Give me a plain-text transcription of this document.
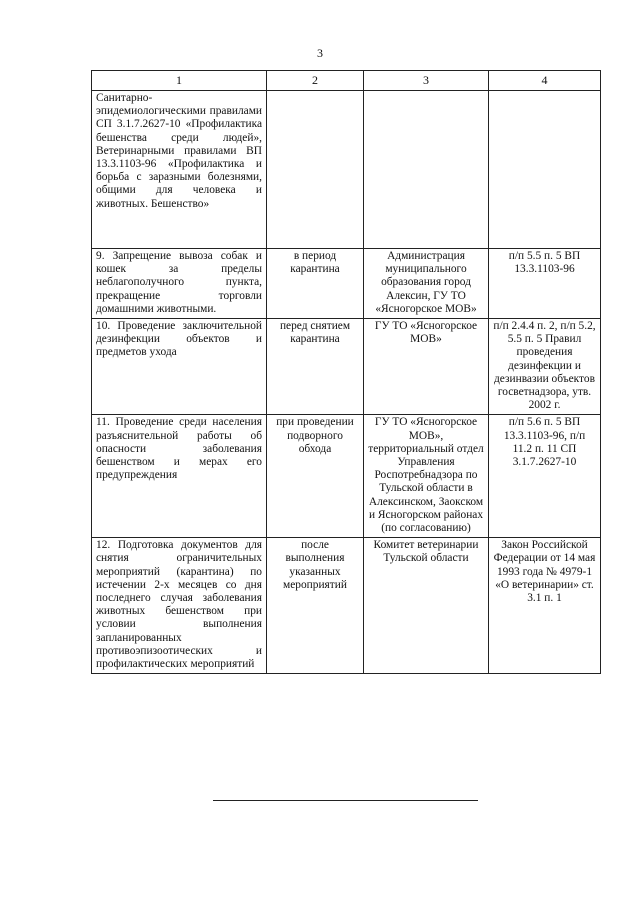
3
1	2	3	4
Санитарно-эпидемиологическими правилами СП 3.1.7.2627-10 «Профилактика бешенства среди людей», Ветеринарными правилами ВП 13.3.1103-96 «Профилактика и борьба с заразными болезнями, общими для человека и животных. Бешенство»			
9. Запрещение вывоза собак и кошек за пределы неблагополучного пункта, прекращение торговли домашними животными.	в период карантина	Администрация муниципального образования город Алексин, ГУ ТО «Ясногорское МОВ»	п/п 5.5 п. 5 ВП 13.3.1103-96
10. Проведение заключительной дезинфекции объектов и предметов ухода	перед снятием карантина	ГУ ТО «Ясногорское МОВ»	п/п 2.4.4 п. 2, п/п 5.2, 5.5 п. 5 Правил проведения дезинфекции и дезинвазии объектов госветнадзора, утв. 2002 г.
11. Проведение среди населения разъяснительной работы об опасности заболевания бешенством и мерах его предупреждения	при проведении подворного обхода	ГУ ТО «Ясногорское МОВ», территориальный отдел Управления Роспотребнадзора по Тульской области в Алексинском, Заокском и Ясногорском районах (по согласованию)	п/п 5.6 п. 5 ВП 13.3.1103-96, п/п 11.2 п. 11 СП 3.1.7.2627-10
12. Подготовка документов для снятия ограничительных мероприятий (карантина) по истечении 2-х месяцев со дня последнего случая заболевания животных бешенством при условии выполнения запланированных противоэпизоотических и профилактических мероприятий	после выполнения указанных мероприятий	Комитет ветеринарии Тульской области	Закон Российской Федерации от 14 мая 1993 года № 4979-1 «О ветеринарии» ст. 3.1 п. 1
